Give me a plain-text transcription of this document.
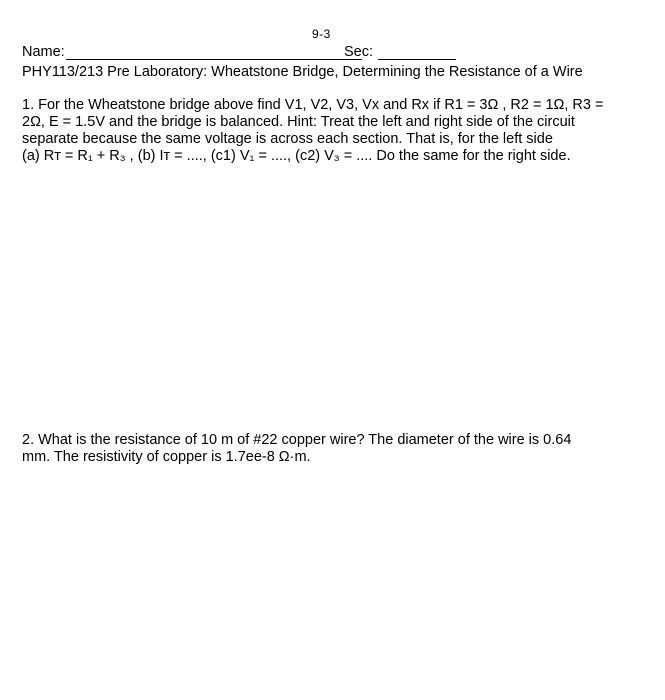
9-3
Name:	Sec:
PHY113/213 Pre Laboratory: Wheatstone Bridge, Determining the Resistance of a Wire
1. For the Wheatstone bridge above find V1, V2, V3, Vx and Rx if R1 = 3Ω , R2 = 1Ω, R3 =
2Ω, E = 1.5V and the bridge is balanced. Hint: Treat the left and right side of the circuit
separate because the same voltage is across each section. That is, for the left side
(a) Rᴛ = R₁ + R₃ , (b) Iᴛ = ...., (c1) V₁ = ...., (c2) V₃ = .... Do the same for the right side.
2. What is the resistance of 10 m of #22 copper wire? The diameter of the wire is 0.64
mm. The resistivity of copper is 1.7ee-8 Ω·m.
